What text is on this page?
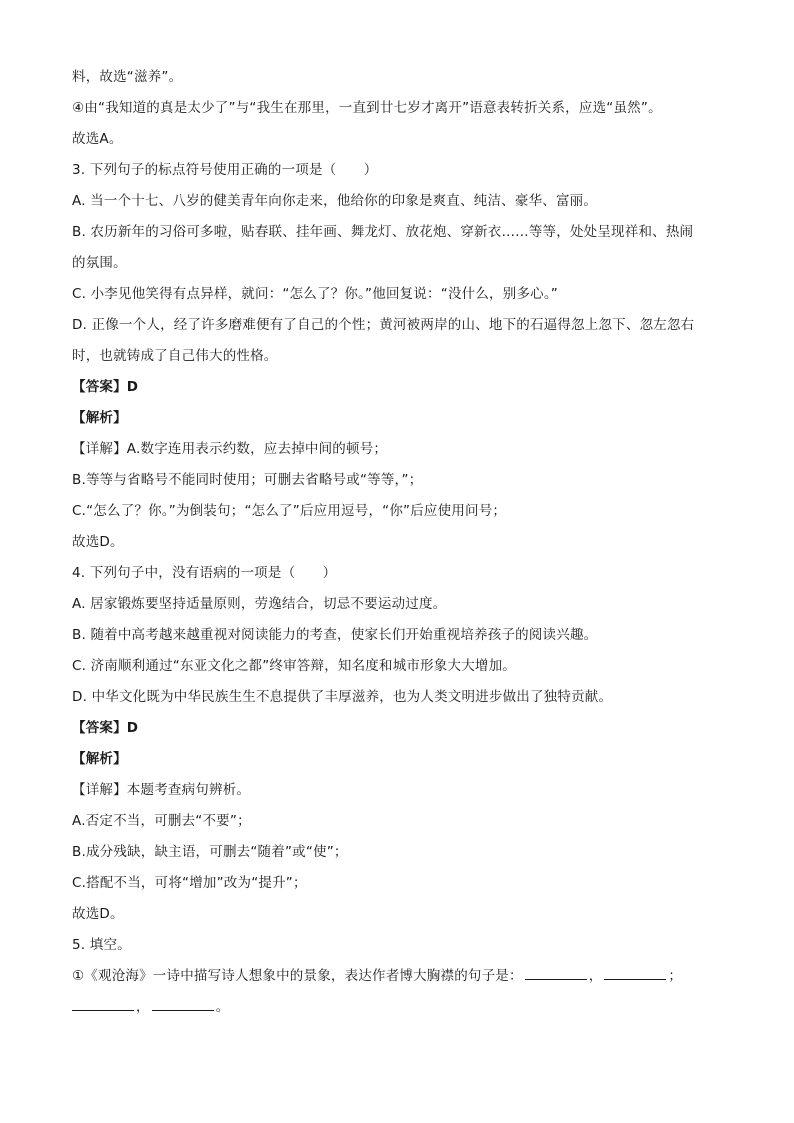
料，故选“滋养”。
④由“我知道的真是太少了”与“我生在那里，一直到廿七岁才离开”语意表转折关系，应选“虽然”。
故选A。
3. 下列句子的标点符号使用正确的一项是（　　）
A. 当一个十七、八岁的健美青年向你走来，他给你的印象是爽直、纯洁、豪华、富丽。
B. 农历新年的习俗可多啦，贴春联、挂年画、舞龙灯、放花炮、穿新衣……等等，处处呈现祥和、热闹
的氛围。
C. 小李见他笑得有点异样，就问：“怎么了？你。”他回复说：“没什么，别多心。”
D. 正像一个人，经了许多磨难便有了自己的个性；黄河被两岸的山、地下的石逼得忽上忽下、忽左忽右
时，也就铸成了自己伟大的性格。
【答案】D
【解析】
【详解】A.数字连用表示约数，应去掉中间的顿号；
B.等等与省略号不能同时使用；可删去省略号或“等等，”；
C.“怎么了？你。”为倒装句；“怎么了”后应用逗号，“你”后应使用问号；
故选D。
4. 下列句子中，没有语病的一项是（　　）
A. 居家锻炼要坚持适量原则，劳逸结合，切忌不要运动过度。
B. 随着中高考越来越重视对阅读能力的考查，使家长们开始重视培养孩子的阅读兴趣。
C. 济南顺利通过“东亚文化之都”终审答辩，知名度和城市形象大大增加。
D. 中华文化既为中华民族生生不息提供了丰厚滋养，也为人类文明进步做出了独特贡献。
【答案】D
【解析】
【详解】本题考查病句辨析。
A.否定不当，可删去“不要”；
B.成分残缺，缺主语，可删去“随着”或“使”；
C.搭配不当，可将“增加”改为“提升”；
故选D。
5. 填空。
①《观沧海》一诗中描写诗人想象中的景象，表达作者博大胸襟的句子是：	，	；
，	。
